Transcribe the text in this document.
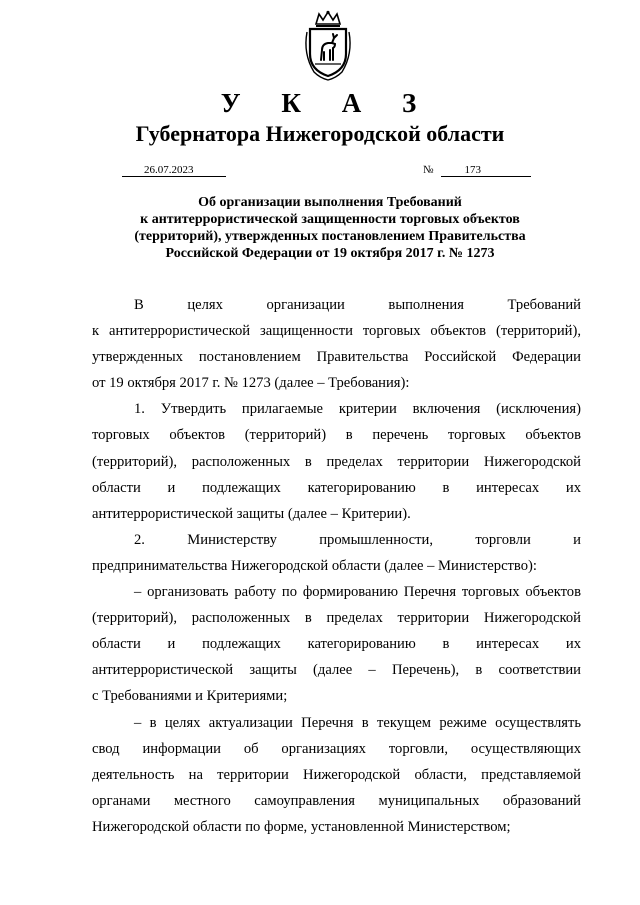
У К А З
Губернатора Нижегородской области
26.07.2023	№	173
Об организации выполнения Требований
к антитеррористической защищенности торговых объектов
(территорий), утвержденных постановлением Правительства
Российской Федерации от 19 октября 2017 г. № 1273

В целях организации выполнения Требований

к антитеррористической защищенности торговых объектов (территорий),

утвержденных постановлением Правительства Российской Федерации

от 19 октября 2017 г. № 1273 (далее – Требования):

1. Утвердить прилагаемые критерии включения (исключения)

торговых объектов (территорий) в перечень торговых объектов

(территорий), расположенных в пределах территории Нижегородской

области и подлежащих категорированию в интересах их

антитеррористической защиты (далее – Критерии).

2. Министерству промышленности, торговли и

предпринимательства Нижегородской области (далее – Министерство):

– организовать работу по формированию Перечня торговых объектов

(территорий), расположенных в пределах территории Нижегородской

области и подлежащих категорированию в интересах их

антитеррористической защиты (далее – Перечень), в соответствии

с Требованиями и Критериями;

– в целях актуализации Перечня в текущем режиме осуществлять

свод информации об организациях торговли, осуществляющих

деятельность на территории Нижегородской области, представляемой

органами местного самоуправления муниципальных образований

Нижегородской области по форме, установленной Министерством;
